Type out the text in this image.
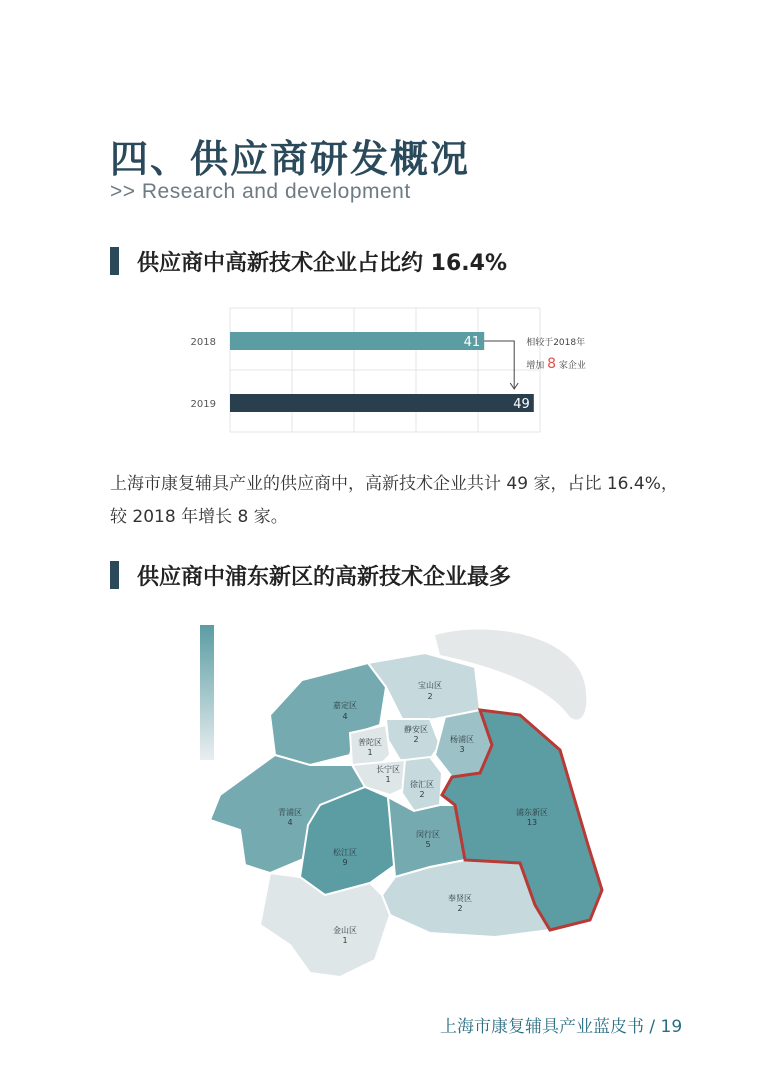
四、供应商研发概况
>> Research and development
供应商中高新技术企业占比约 16.4%
2018	41
2019	49
相较于2018年
增加 8 家企业

上海市康复辅具产业的供应商中，高新技术企业共计 49 家，占比 16.4%，较 2018 年增长 8 家。

供应商中浦东新区的高新技术企业最多
嘉定区
4
宝山区
2
静安区
2
普陀区
1
杨浦区
3
长宁区
1
徐汇区
2
青浦区
4
松江区
9
闵行区
5
浦东新区
13
奉贤区
2
金山区
1
上海市康复辅具产业蓝皮书 / 19
